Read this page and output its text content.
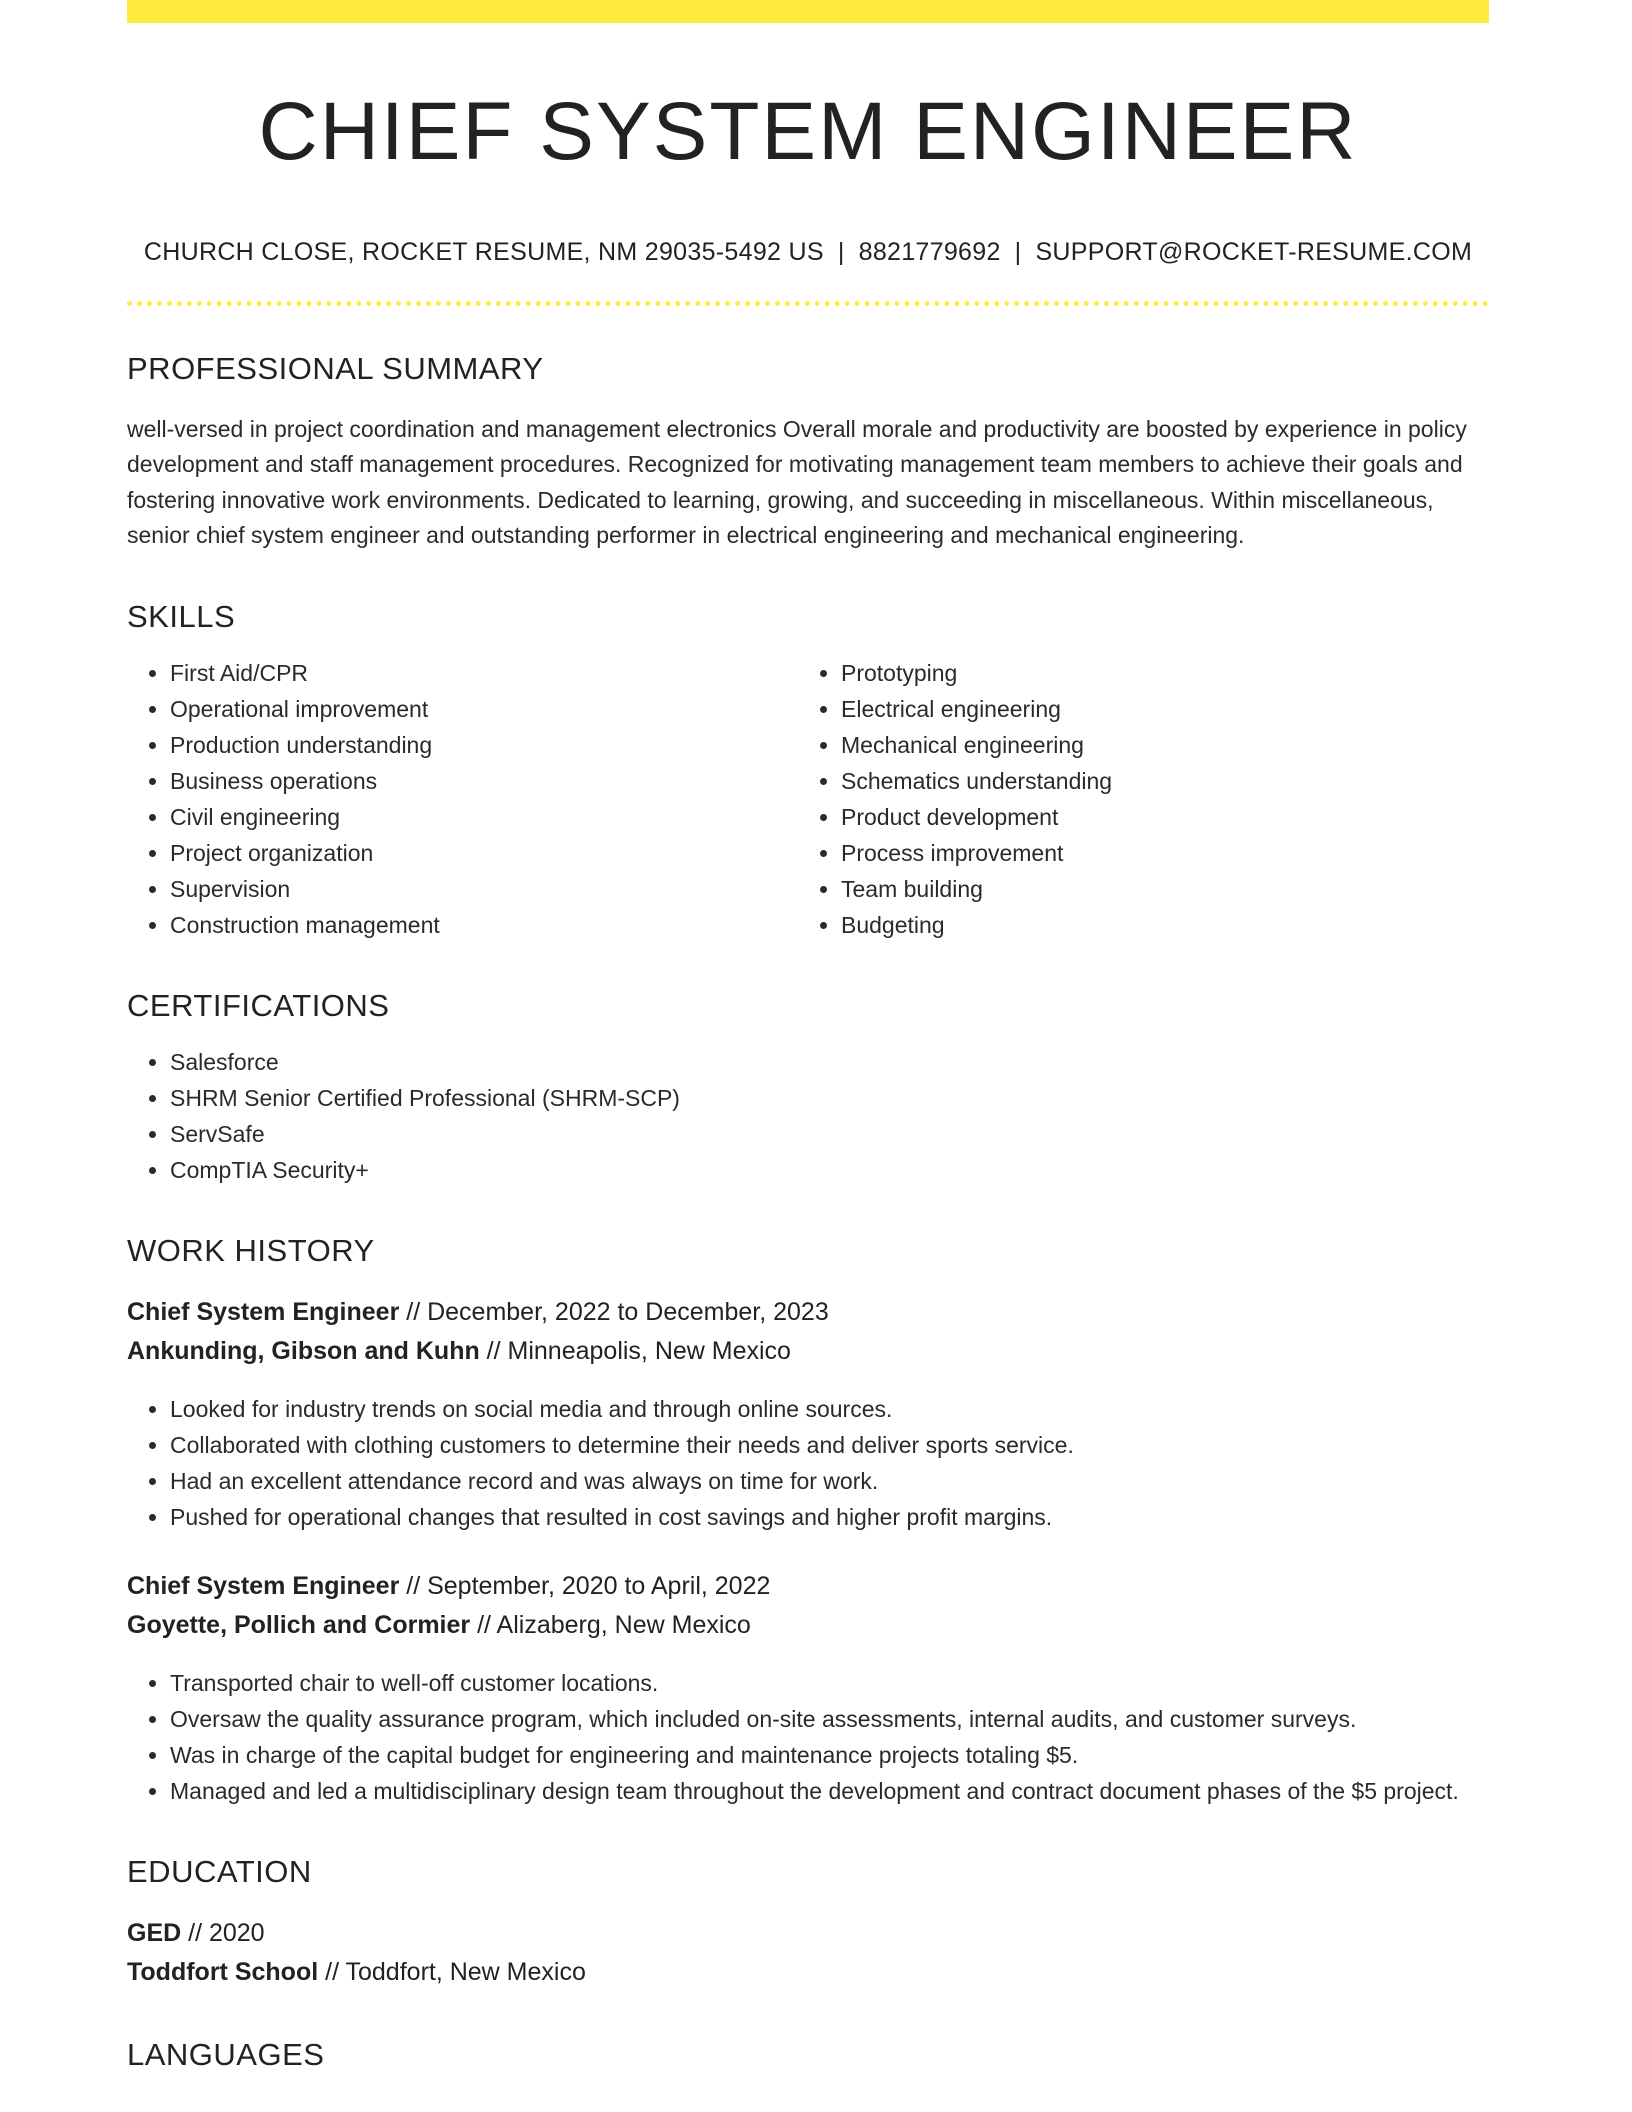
CHIEF SYSTEM ENGINEER
CHURCH CLOSE, ROCKET RESUME, NM 29035-5492 US | 8821779692 | SUPPORT@ROCKET-RESUME.COM
PROFESSIONAL SUMMARY

well-versed in project coordination and management electronics Overall morale and productivity are boosted by experience in policy development and staff management procedures. Recognized for motivating management team members to achieve their goals and fostering innovative work environments. Dedicated to learning, growing, and succeeding in miscellaneous. Within miscellaneous, senior chief system engineer and outstanding performer in electrical engineering and mechanical engineering.

SKILLS
• First Aid/CPR
• Operational improvement
• Production understanding
• Business operations
• Civil engineering
• Project organization
• Supervision
• Construction management
• Prototyping
• Electrical engineering
• Mechanical engineering
• Schematics understanding
• Product development
• Process improvement
• Team building
• Budgeting
CERTIFICATIONS
• Salesforce
• SHRM Senior Certified Professional (SHRM-SCP)
• ServSafe
• CompTIA Security+
WORK HISTORY

Chief System Engineer // December, 2022 to December, 2023

Ankunding, Gibson and Kuhn // Minneapolis, New Mexico

• Looked for industry trends on social media and through online sources.
• Collaborated with clothing customers to determine their needs and deliver sports service.
• Had an excellent attendance record and was always on time for work.
• Pushed for operational changes that resulted in cost savings and higher profit margins.

Chief System Engineer // September, 2020 to April, 2022

Goyette, Pollich and Cormier // Alizaberg, New Mexico

• Transported chair to well-off customer locations.
• Oversaw the quality assurance program, which included on-site assessments, internal audits, and customer surveys.
• Was in charge of the capital budget for engineering and maintenance projects totaling $5.
• Managed and led a multidisciplinary design team throughout the development and contract document phases of the $5 project.
EDUCATION

GED // 2020

Toddfort School // Toddfort, New Mexico

LANGUAGES
